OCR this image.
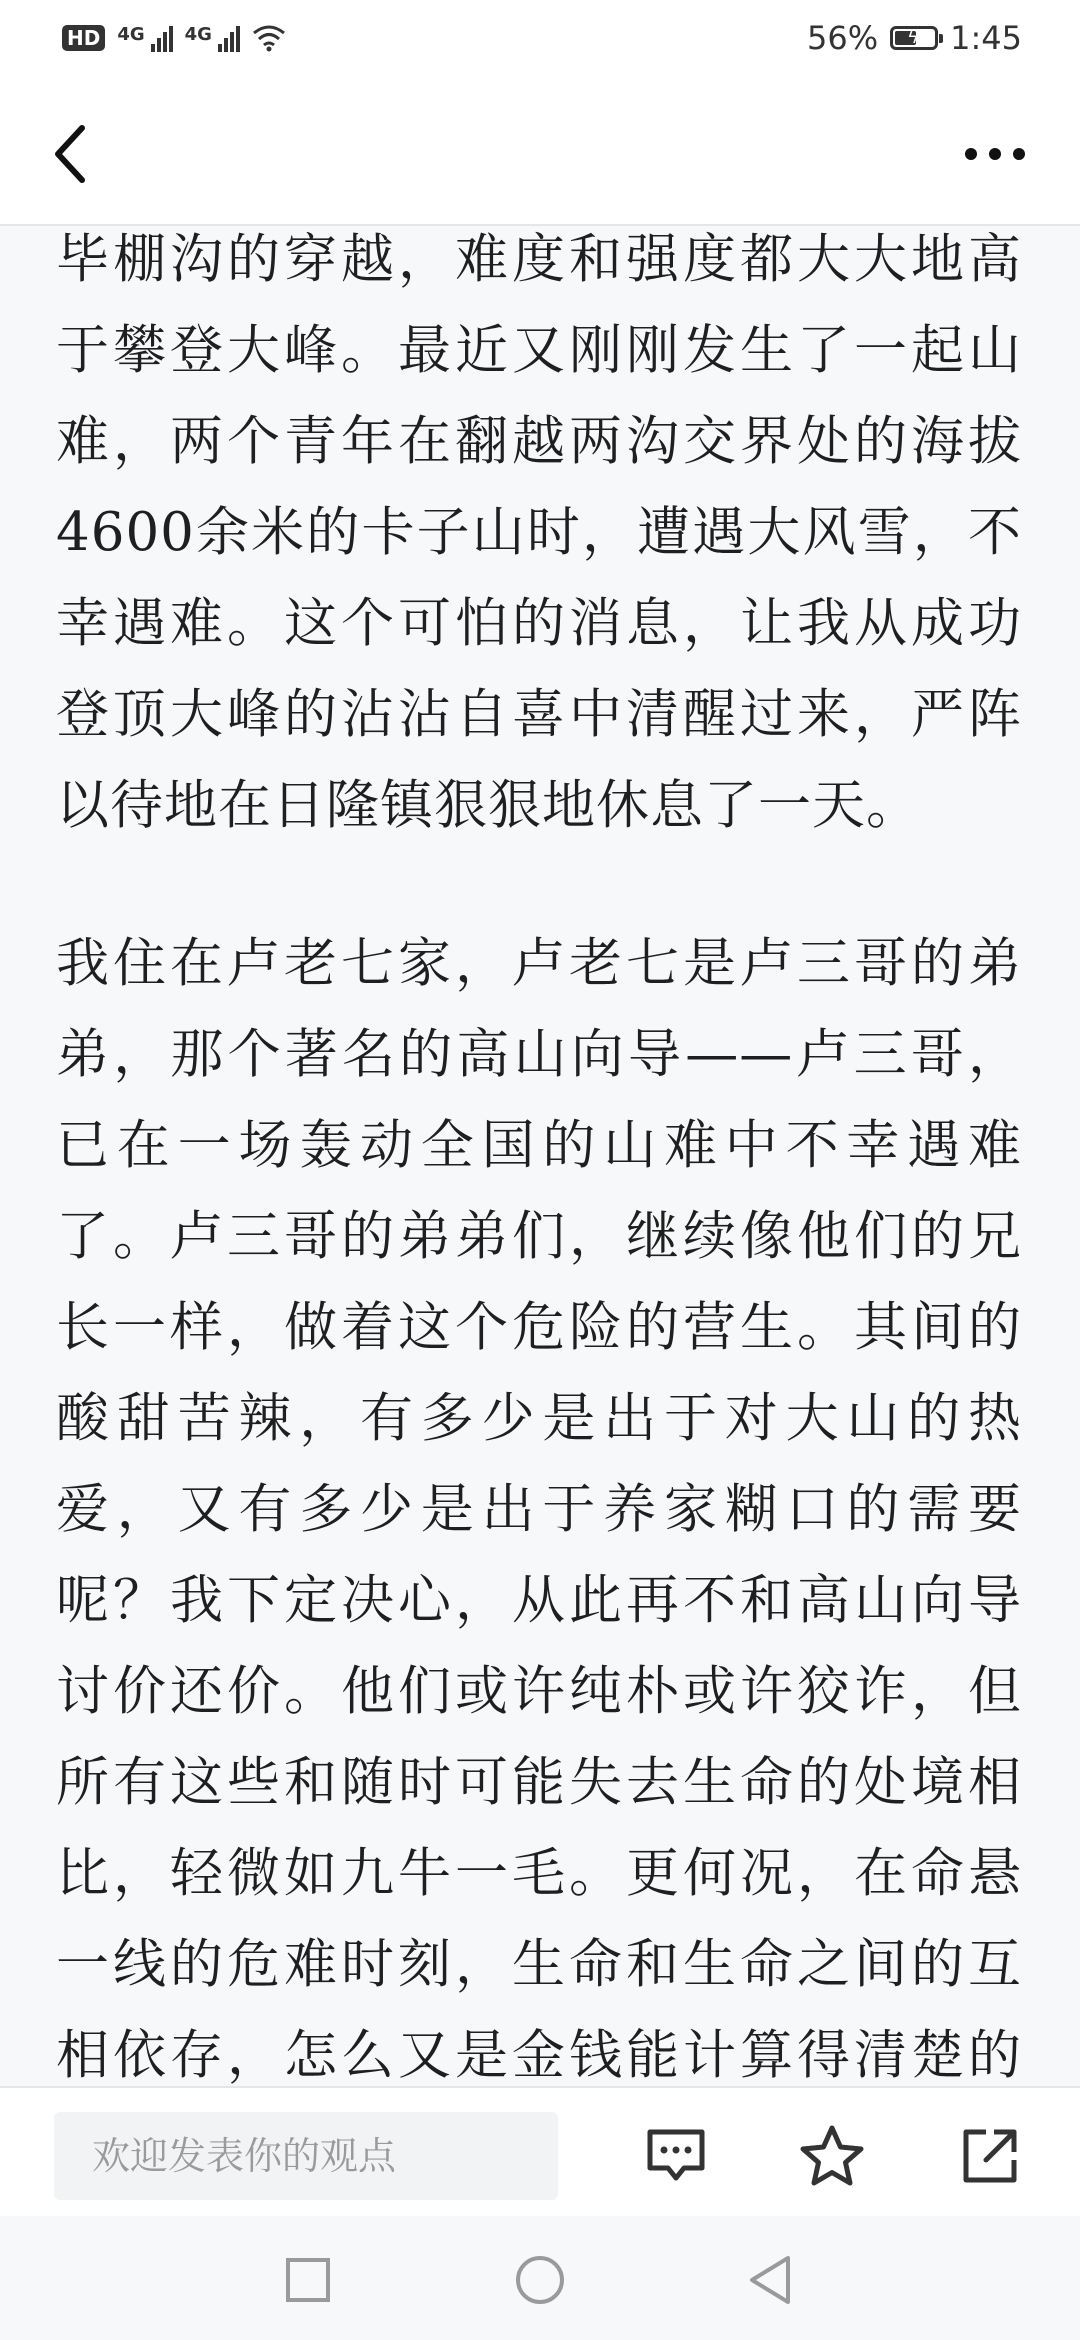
HD 4G 4G	56% ϟ 1:45

毕棚沟的穿越，难度和强度都大大地高于攀登大峰。最近又刚刚发生了一起山难，两个青年在翻越两沟交界处的海拔4600余米的卡子山时，遭遇大风雪，不幸遇难。这个可怕的消息，让我从成功登顶大峰的沾沾自喜中清醒过来，严阵以待地在日隆镇狠狠地休息了一天。

我住在卢老七家，卢老七是卢三哥的弟弟，那个著名的高山向导——卢三哥，已在一场轰动全国的山难中不幸遇难了。卢三哥的弟弟们，继续像他们的兄长一样，做着这个危险的营生。其间的酸甜苦辣，有多少是出于对大山的热爱，又有多少是出于养家糊口的需要呢？我下定决心，从此再不和高山向导讨价还价。他们或许纯朴或许狡诈，但所有这些和随时可能失去生命的处境相比，轻微如九牛一毛。更何况，在命悬一线的危难时刻，生命和生命之间的互相依存，怎么又是金钱能计算得清楚的

欢迎发表你的观点
